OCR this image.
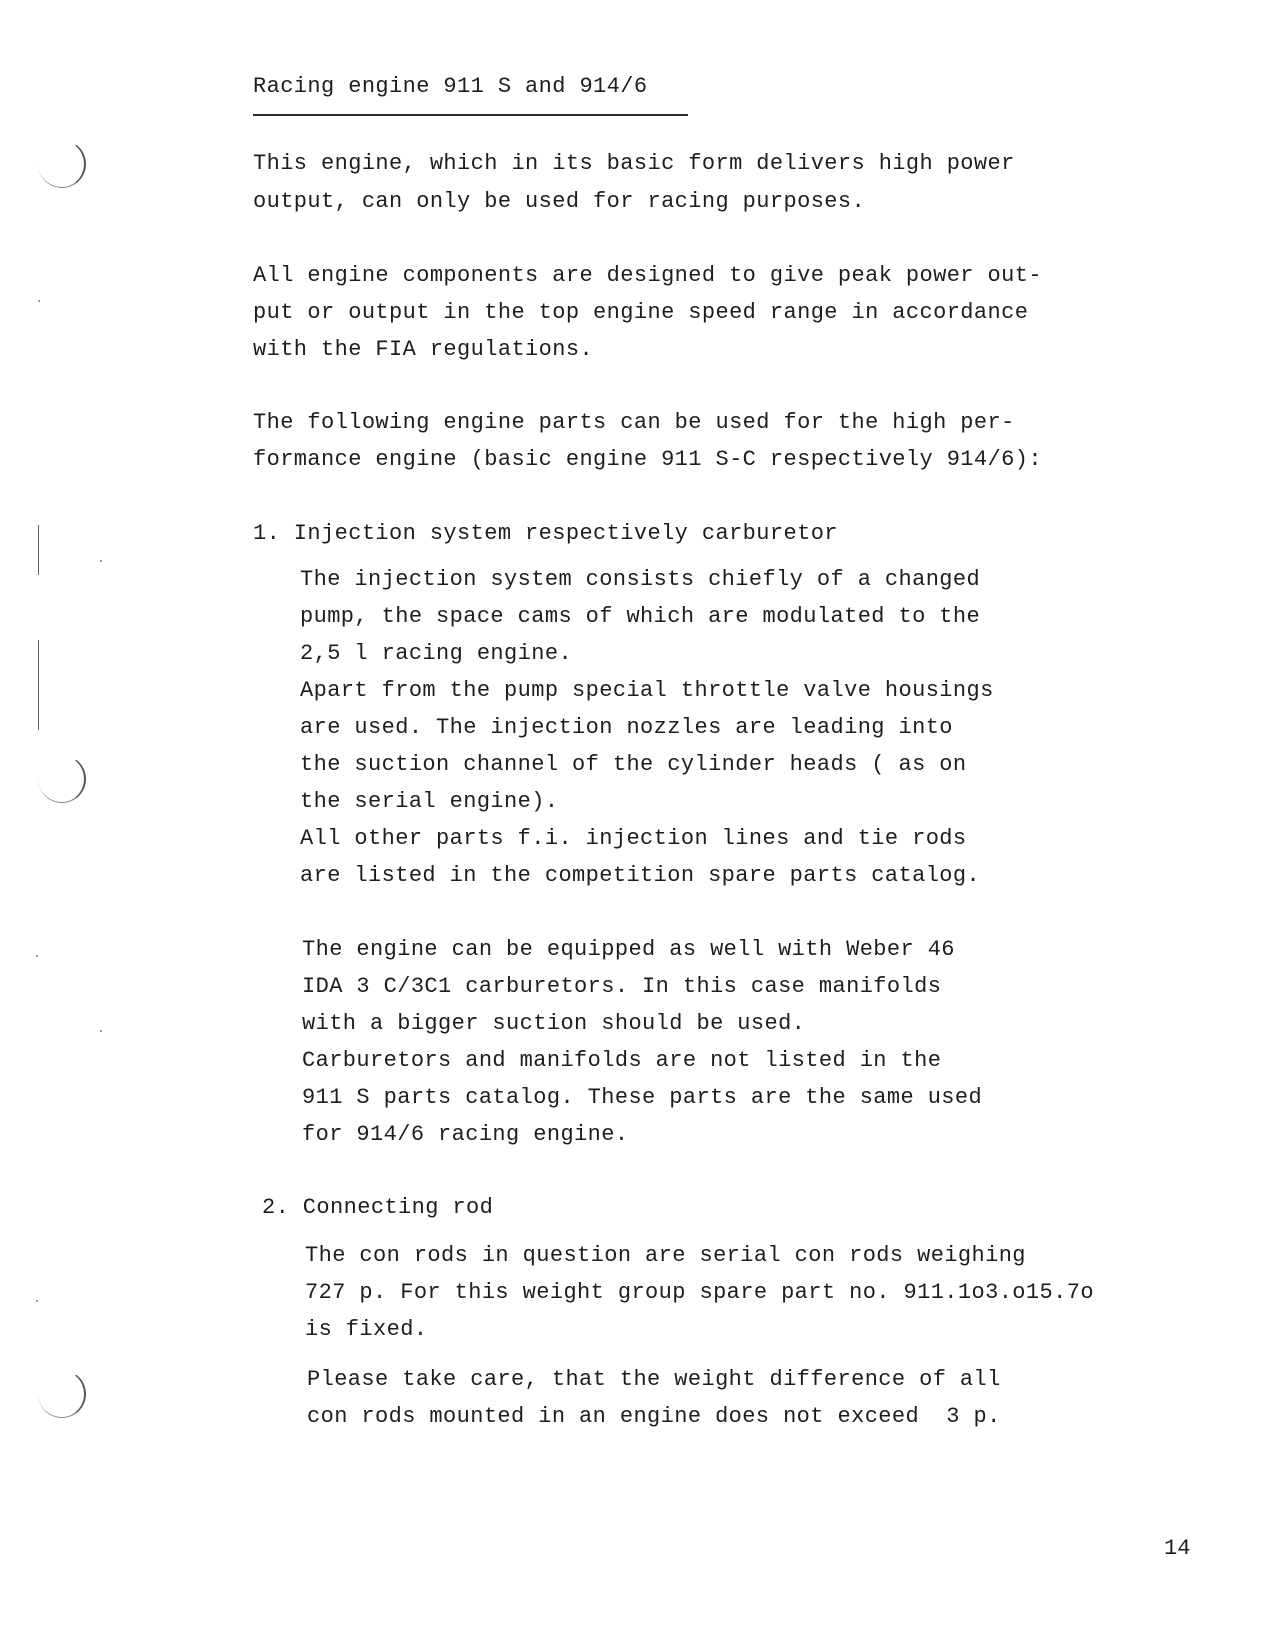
Racing engine 911 S and 914/6
This engine, which in its basic form delivers high power
output, can only be used for racing purposes.
All engine components are designed to give peak power out-
put or output in the top engine speed range in accordance
with the FIA regulations.
The following engine parts can be used for the high per-
formance engine (basic engine 911 S-C respectively 914/6):
1. Injection system respectively carburetor
The injection system consists chiefly of a changed
pump, the space cams of which are modulated to the
2,5 l racing engine.
Apart from the pump special throttle valve housings
are used. The injection nozzles are leading into
the suction channel of the cylinder heads ( as on
the serial engine).
All other parts f.i. injection lines and tie rods
are listed in the competition spare parts catalog.
The engine can be equipped as well with Weber 46
IDA 3 C/3C1 carburetors. In this case manifolds
with a bigger suction should be used.
Carburetors and manifolds are not listed in the
911 S parts catalog. These parts are the same used
for 914/6 racing engine.
2. Connecting rod
The con rods in question are serial con rods weighing
727 p. For this weight group spare part no. 911.1o3.o15.7o
is fixed.
Please take care, that the weight difference of all
con rods mounted in an engine does not exceed  3 p.
14
